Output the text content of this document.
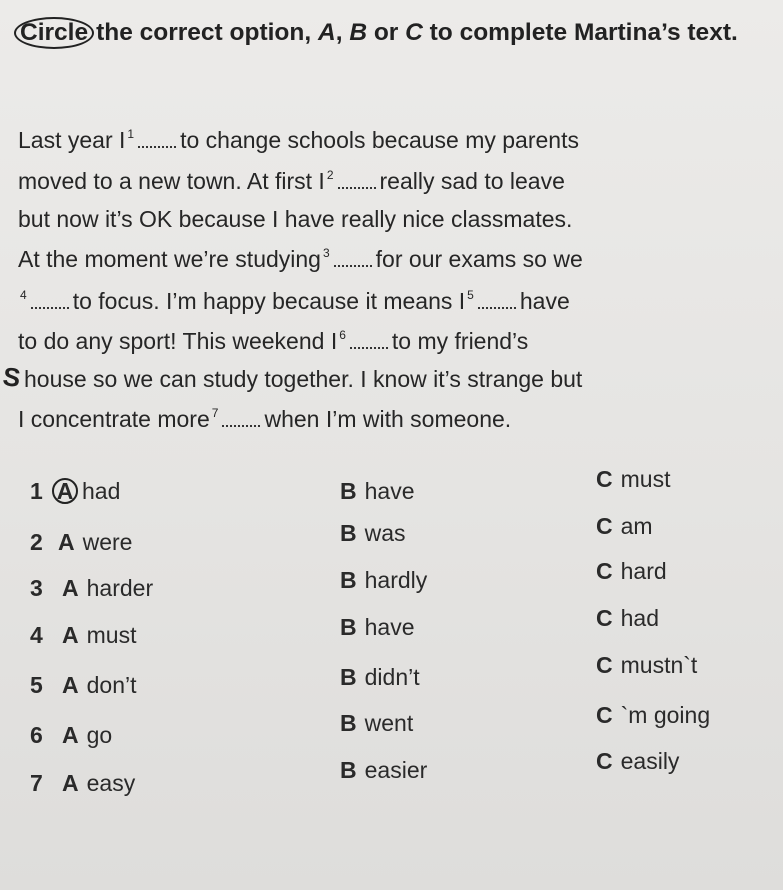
Circle the correct option, A, B or C to complete Martina’s text.
Last year I $^1$ to change schools because my parents
moved to a new town. At first I $^2$ really sad to leave
but now it’s OK because I have really nice classmates.
At the moment we’re studying $^3$ for our exams so we
$^4$ to focus. I’m happy because it means I $^5$ have
to do any sport! This weekend I $^6$ to my friend’s
S house so we can study together. I know it’s strange but
I concentrate more $^7$ when I’m with someone.
1 A had	B have	C must
2 A were	B was	C am
3 A harder	B hardly	C hard
4 A must	B have	C had
5 A don’t	B didn’t	C mustn`t
6 A go	B went	C `m going
7 A easy	B easier	C easily
